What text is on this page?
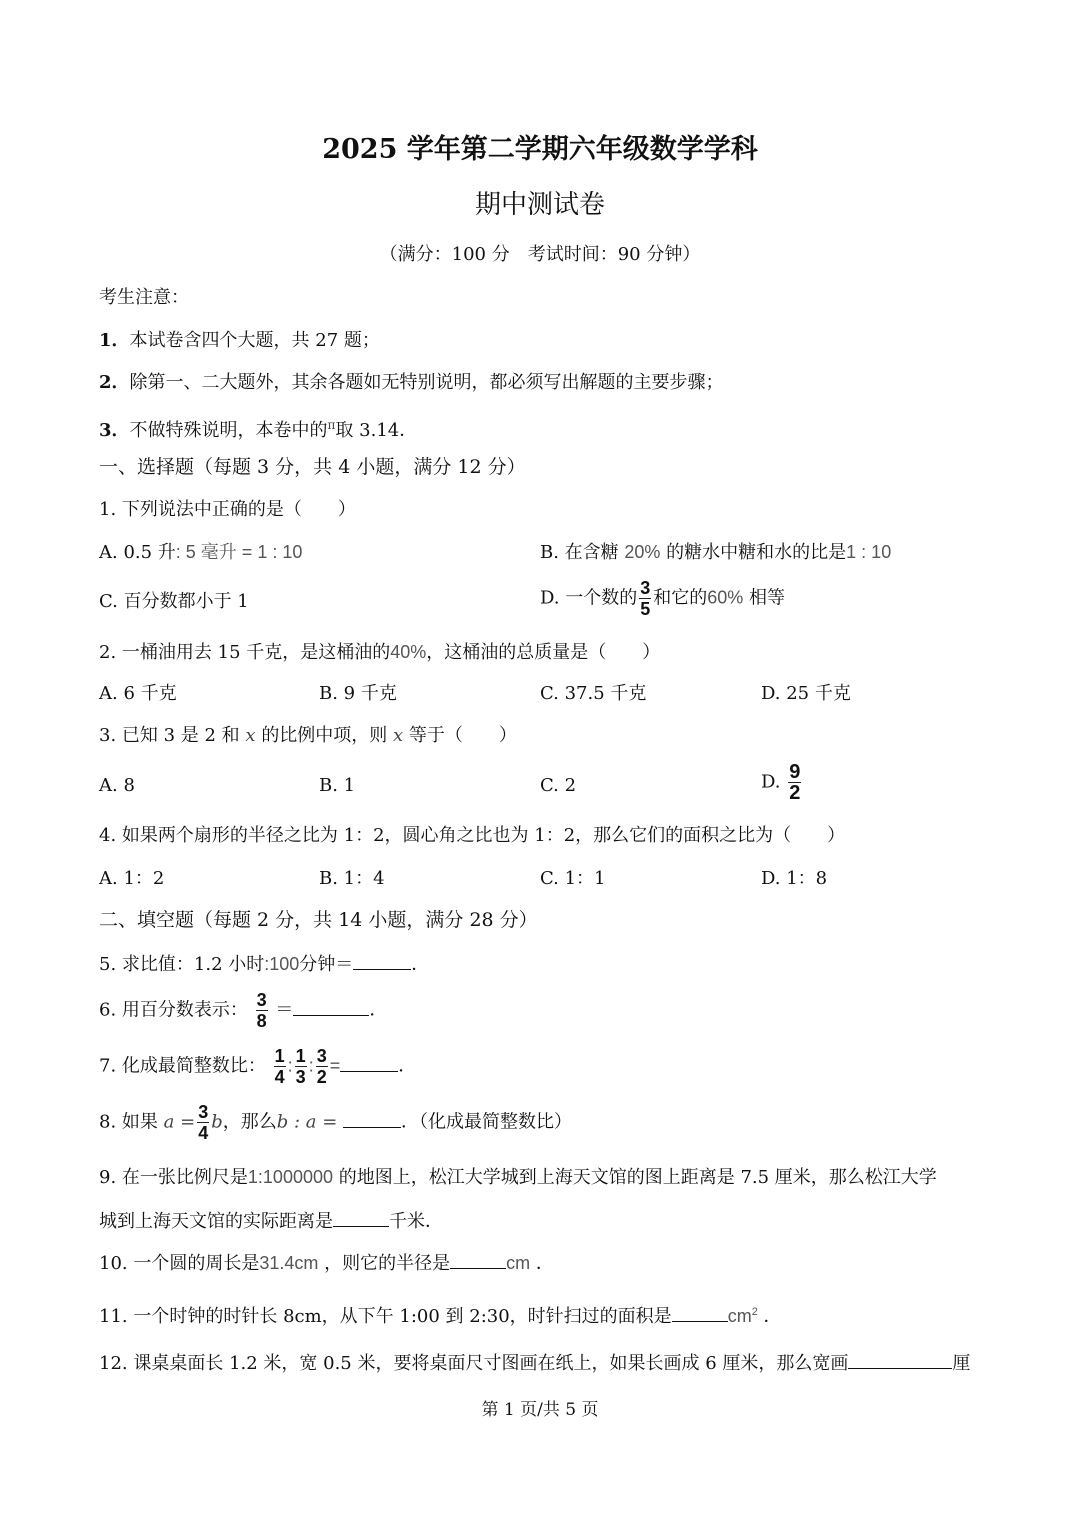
2025 学年第二学期六年级数学学科
期中测试卷
（满分：100 分　考试时间：90 分钟）
考生注意：
1．本试卷含四个大题，共 27 题；
2．除第一、二大题外，其余各题如无特别说明，都必须写出解题的主要步骤；
3．不做特殊说明，本卷中的$^\pi$取 3.14．
一、选择题（每题 3 分，共 4 小题，满分 12 分）
1. 下列说法中正确的是（　　）
A. 0.5 升: 5 毫升 = 1 : 10	B. 在含糖 20% 的糖水中糖和水的比是1 : 10
C. 百分数都小于 1	D. 一个数的 $\frac{3}{5}$ 和它的60% 相等
2. 一桶油用去 15 千克，是这桶油的40%，这桶油的总质量是（　　）
A. 6 千克	B. 9 千克	C. 37.5 千克	D. 25 千克
3. 已知 3 是 2 和 x 的比例中项，则 x 等于（　　）
A. 8	B. 1	C. 2	D. $\frac{9}{2}$
4. 如果两个扇形的半径之比为 1：2，圆心角之比也为 1：2，那么它们的面积之比为（　　）
A. 1：2	B. 1：4	C. 1：1	D. 1：8
二、填空题（每题 2 分，共 14 小题，满分 28 分）
5. 求比值：1.2 小时:100分钟＝	．
6. 用百分数表示： $\frac{3}{8}$ ＝	．
7. 化成最简整数比： $\frac{1}{4}$ : $\frac{1}{3}$ : $\frac{3}{2}$ =	．
8. 如果 $a = \frac{3}{4}$ b，那么b : a =	．（化成最简整数比）
9. 在一张比例尺是1:1000000 的地图上，松江大学城到上海天文馆的图上距离是 7.5 厘米，那么松江大学
城到上海天文馆的实际距离是	千米．
10. 一个圆的周长是31.4cm ，则它的半径是	cm ．
11. 一个时钟的时针长 8cm，从下午 1:00 到 2:30，时针扫过的面积是	$cm^2$ ．
12. 课桌桌面长 1.2 米，宽 0.5 米，要将桌面尺寸图画在纸上，如果长画成 6 厘米，那么宽画	厘
第 1 页/共 5 页
